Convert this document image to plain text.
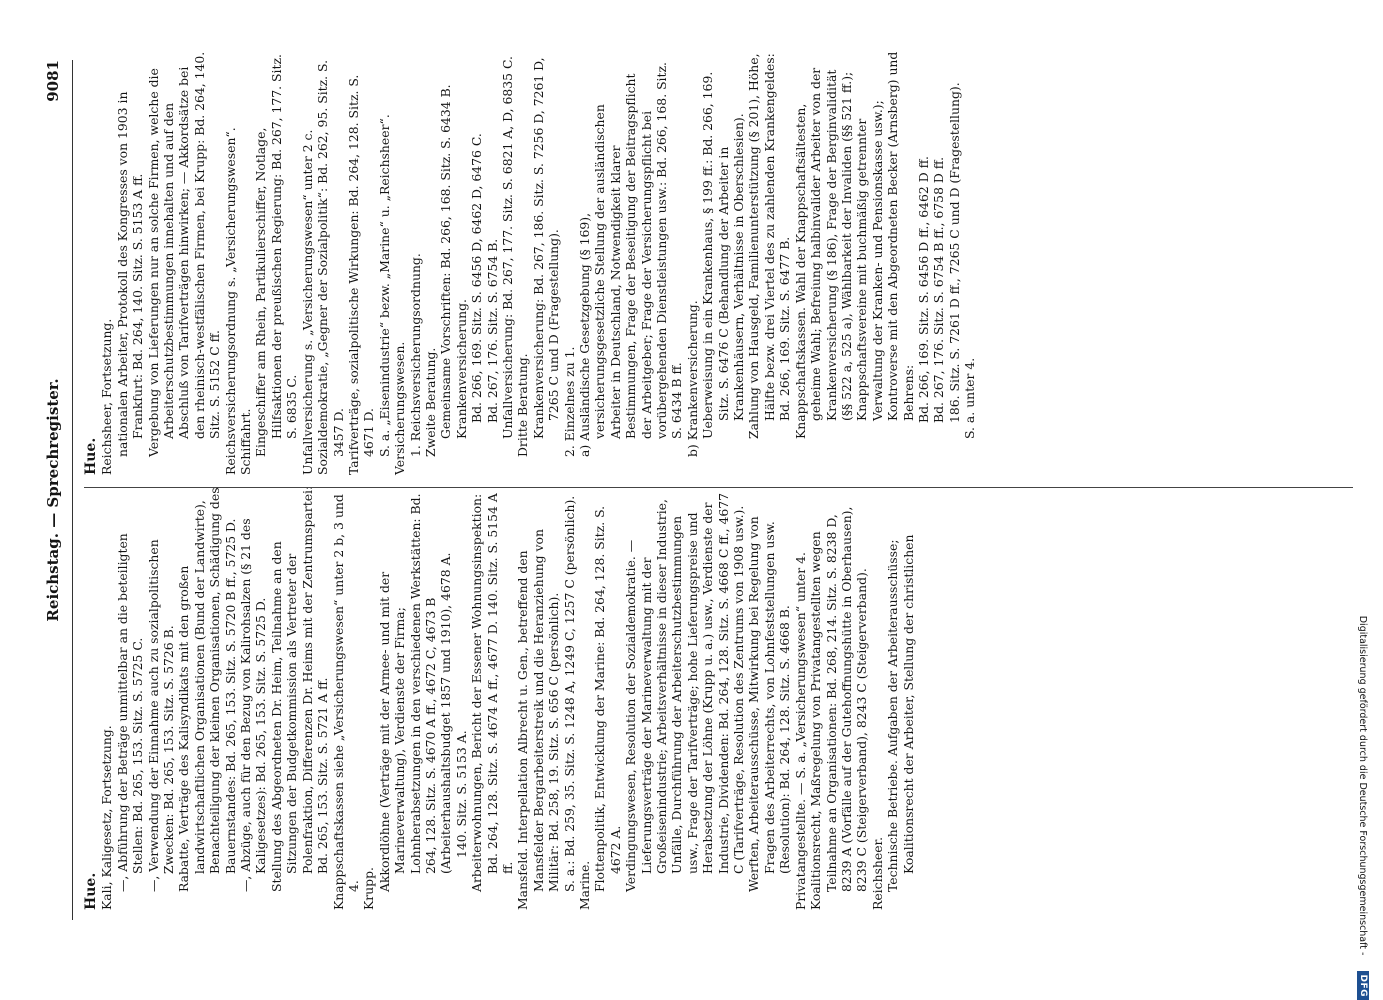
Reichstag. — Sprechregister.
9081

Hue. Kali, Kaligesetz, Fortsetzung. —, Abführung der Beträge unmittelbar an die beteiligten Stellen: Bd. 265, 153. Sitz. S. 5725 C. —, Verwendung der Einnahme auch zu sozialpolitischen Zwecken: Bd. 265, 153. Sitz. S. 5726 B. Rabatte, Verträge des Kalisyndikats mit den großen landwirtschaftlichen Organisationen (Bund der Landwirte), Benachteiligung der kleinen Organisationen, Schädigung des Bauernstandes: Bd. 265, 153. Sitz. S. 5720 B ff., 5725 D. —, Abzüge, auch für den Bezug von Kalirohsalzen (§ 21 des Kaligesetzes): Bd. 265, 153. Sitz. S. 5725 D. Stellung des Abgeordneten Dr. Heim, Teilnahme an den Sitzungen der Budgetkommission als Vertreter der Polenfraktion, Differenzen Dr. Heims mit der Zentrumspartei: Bd. 265, 153. Sitz. S. 5721 A ff. Knappschaftskassen siehe „Versicherungswesen“ unter 2 b, 3 und 4. Krupp. Akkordlöhne (Verträge mit der Armee- und mit der Marineverwaltung), Verdienste der Firma; Lohnherabsetzungen in den verschiedenen Werkstätten: Bd. 264, 128. Sitz. S. 4670 A ff., 4672 C, 4673 B (Arbeiterhaushaltsbudget 1857 und 1910), 4678 A. 140. Sitz. S. 5153 A. Arbeiterwohnungen, Bericht der Essener Wohnungsinspektion: Bd. 264, 128. Sitz. S. 4674 A ff., 4677 D. 140. Sitz. S. 5154 A ff. Mansfeld. Interpellation Albrecht u. Gen., betreffend den Mansfelder Bergarbeiterstreik und die Heranziehung von Militär: Bd. 258, 19. Sitz. S. 656 C (persönlich). S. a.: Bd. 259, 35. Sitz. S. 1248 A, 1249 C, 1257 C (persönlich). Marine. Flottenpolitik, Entwicklung der Marine: Bd. 264, 128. Sitz. S. 4672 A. Verdingungswesen, Resolution der Sozialdemokratie. — Lieferungsverträge der Marineverwaltung mit der Großeisenindustrie; Arbeitsverhältnisse in dieser Industrie, Unfälle, Durchführung der Arbeiterschutzbestimmungen usw., Frage der Tarifverträge; hohe Lieferungspreise und Herabsetzung der Löhne (Krupp u. a.) usw., Verdienste der Industrie, Dividenden: Bd. 264, 128. Sitz. S. 4668 C ff., 4677 C (Tarifverträge, Resolution des Zentrums von 1908 usw.). Werften, Arbeiterausschüsse, Mitwirkung bei Regelung von Fragen des Arbeiterrechts, von Lohnfeststellungen usw. (Resolution): Bd. 264, 128. Sitz. S. 4668 B. Privatangestellte. — S. a. „Versicherungswesen“ unter 4. Koalitionsrecht, Maßregelung von Privatangestellten wegen Teilnahme an Organisationen: Bd. 268, 214. Sitz. S. 8238 D, 8239 A (Vorfälle auf der Gutehoffnungshütte in Oberhausen), 8239 C (Steigerverband), 8243 C (Steigerverband). Reichsheer. Technische Betriebe. Aufgaben der Arbeiterausschüsse; Koalitionsrecht der Arbeiter, Stellung der christlichen

Hue. Reichsheer, Fortsetzung. nationalen Arbeiter, Protokoll des Kongresses von 1903 in Frankfurt: Bd. 264, 140. Sitz. S. 5153 A ff. Vergebung von Lieferungen nur an solche Firmen, welche die Arbeiterschutzbestimmungen innehalten und auf den Abschluß von Tarifverträgen hinwirken; — Akkordsätze bei den rheinisch-westfälischen Firmen, bei Krupp: Bd. 264, 140. Sitz. S. 5152 C ff. Reichsversicherungsordnung s. „Versicherungswesen“. Schiffahrt. Eingeschiffer am Rhein, Partikulierschiffer, Notlage, Hilfsaktionen der preußischen Regierung: Bd. 267, 177. Sitz. S. 6835 C. Unfallversicherung s. „Versicherungswesen“ unter 2 c. Sozialdemokratie, „Gegner der Sozialpolitik“: Bd. 262, 95. Sitz. S. 3457 D. Tarifverträge, sozialpolitische Wirkungen: Bd. 264, 128. Sitz. S. 4671 D. S. a. „Eisenindustrie“ bezw. „Marine“ u. „Reichsheer“. Versicherungswesen. 1. Reichsversicherungsordnung. Zweite Beratung. Gemeinsame Vorschriften: Bd. 266, 168. Sitz. S. 6434 B. Krankenversicherung. Bd. 266, 169. Sitz. S. 6456 D, 6462 D, 6476 C. Bd. 267, 176. Sitz. S. 6754 B. Unfallversicherung: Bd. 267, 177. Sitz. S. 6821 A, D, 6835 C. Dritte Beratung. Krankenversicherung: Bd. 267, 186. Sitz. S. 7256 D, 7261 D, 7265 C und D (Fragestellung). 2. Einzelnes zu 1. a) Ausländische Gesetzgebung (§ 169), versicherungsgesetzliche Stellung der ausländischen Arbeiter in Deutschland, Notwendigkeit klarer Bestimmungen, Frage der Beseitigung der Beitragspflicht der Arbeitgeber; Frage der Versicherungspflicht bei vorübergehenden Dienstleistungen usw.: Bd. 266, 168. Sitz. S. 6434 B ff. b) Krankenversicherung. Ueberweisung in ein Krankenhaus, § 199 ff.: Bd. 266, 169. Sitz. S. 6476 C (Behandlung der Arbeiter in Krankenhäusern, Verhältnisse in Oberschlesien). Zahlung von Hausgeld, Familienunterstützung (§ 201), Höhe, Hälfte bezw. drei Viertel des zu zahlenden Krankengeldes: Bd. 266, 169. Sitz. S. 6477 B. Knappschaftskassen. Wahl der Knappschaftsältesten, geheime Wahl; Befreiung halbinvalider Arbeiter von der Krankenversicherung (§ 186), Frage der Berginvalidität (§§ 522 a, 525 a), Wählbarkeit der Invaliden (§§ 521 ff.); Knappschaftsvereine mit buchmäßig getrennter Verwaltung der Kranken- und Pensionskasse usw.); Kontroverse mit den Abgeordneten Becker (Arnsberg) und Behrens: Bd. 266, 169. Sitz. S. 6456 D ff., 6462 D ff. Bd. 267, 176. Sitz. S. 6754 B ff., 6758 D ff. 186. Sitz. S. 7261 D ff., 7265 C und D (Fragestellung). S. a. unter 4.

Digitalisierung gefördert durch die Deutsche Forschungsgemeinschaft -
DFG
